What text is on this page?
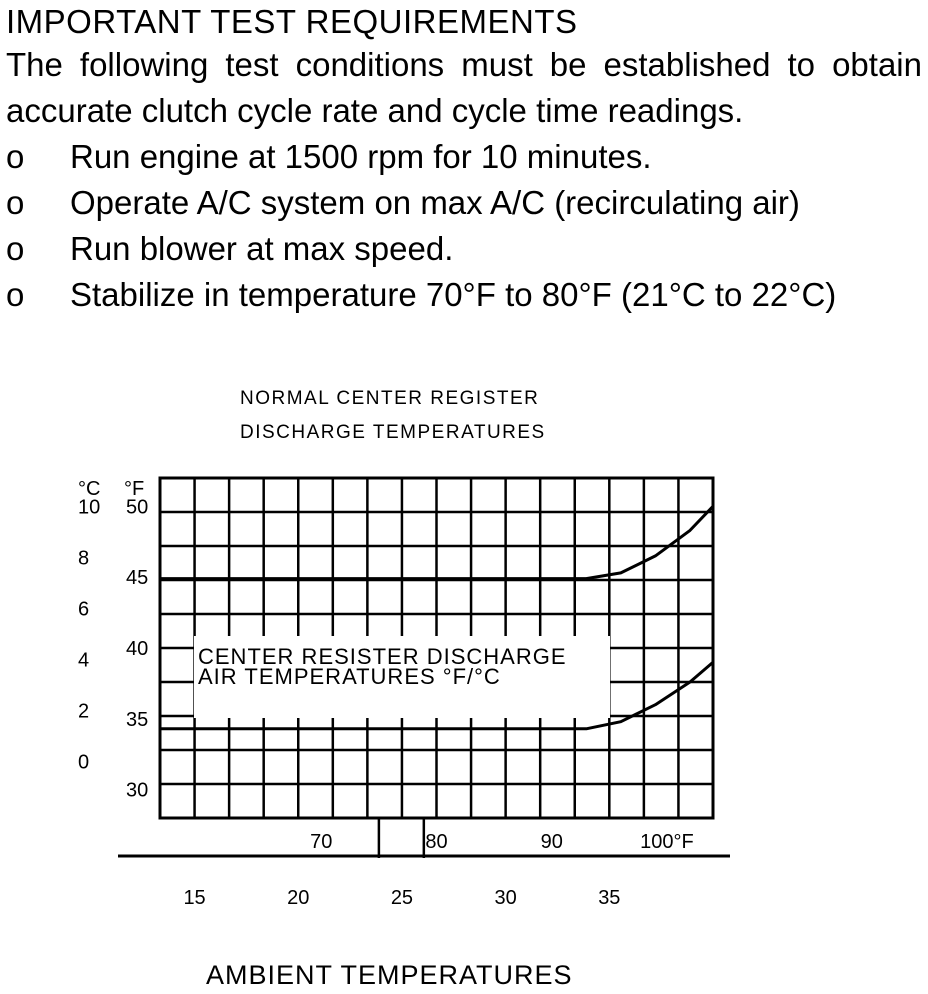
IMPORTANT TEST REQUIREMENTS
The following test conditions must be established to obtain accurate clutch cycle rate and cycle time readings.
o Run engine at 1500 rpm for 10 minutes.
o Operate A/C system on max A/C (recirculating air)
o Run blower at max speed.
o Stabilize in temperature 70°F to 80°F (21°C to 22°C)
NORMAL CENTER REGISTER
DISCHARGE TEMPERATURES
°C °F
10
8
6
4
2
0
50
45
40
35
30
70	80	90	100°F
15	20	25	30	35
CENTER RESISTER DISCHARGE
AIR TEMPERATURES °F/°C
AMBIENT TEMPERATURES
